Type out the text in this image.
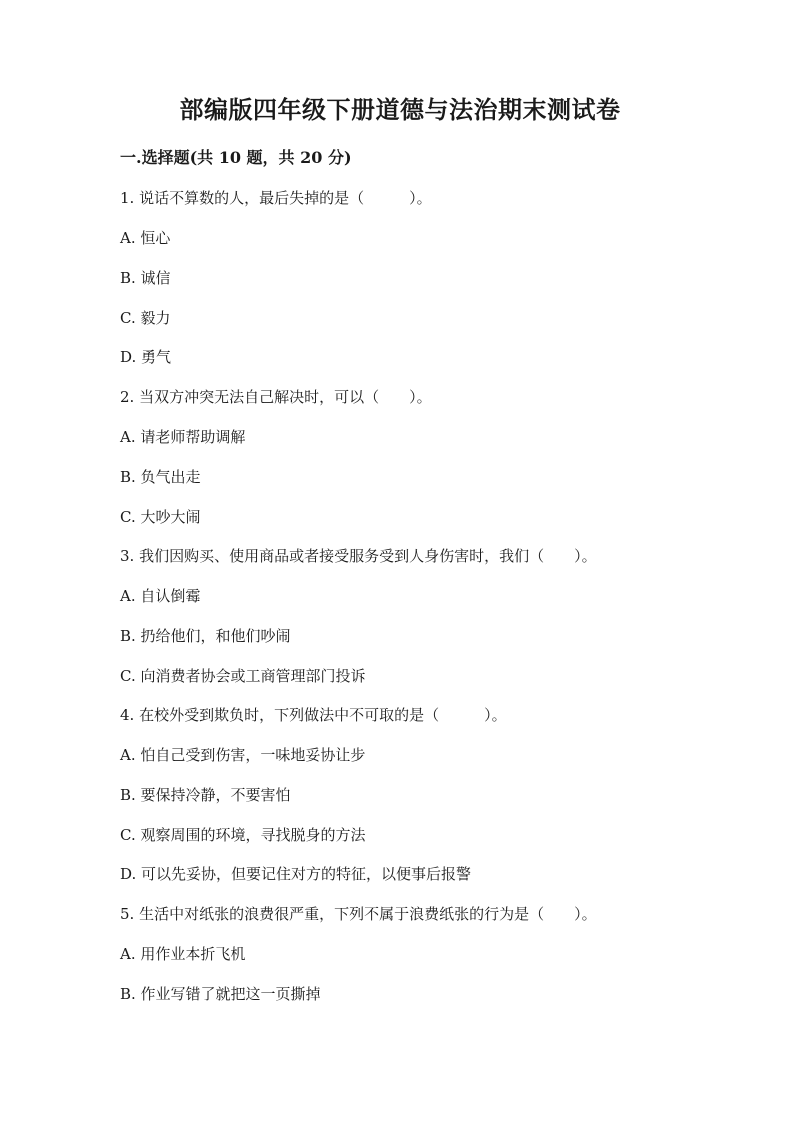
部编版四年级下册道德与法治期末测试卷
一.选择题(共 10 题，共 20 分)
1. 说话不算数的人，最后失掉的是（　　　）。
A. 恒心
B. 诚信
C. 毅力
D. 勇气
2. 当双方冲突无法自己解决时，可以（　　）。
A. 请老师帮助调解
B. 负气出走
C. 大吵大闹
3. 我们因购买、使用商品或者接受服务受到人身伤害时，我们（　　）。
A. 自认倒霉
B. 扔给他们，和他们吵闹
C. 向消费者协会或工商管理部门投诉
4. 在校外受到欺负时，下列做法中不可取的是（　　　）。
A. 怕自己受到伤害，一味地妥协让步
B. 要保持冷静，不要害怕
C. 观察周围的环境，寻找脱身的方法
D. 可以先妥协，但要记住对方的特征，以便事后报警
5. 生活中对纸张的浪费很严重，下列不属于浪费纸张的行为是（　　）。
A. 用作业本折飞机
B. 作业写错了就把这一页撕掉
